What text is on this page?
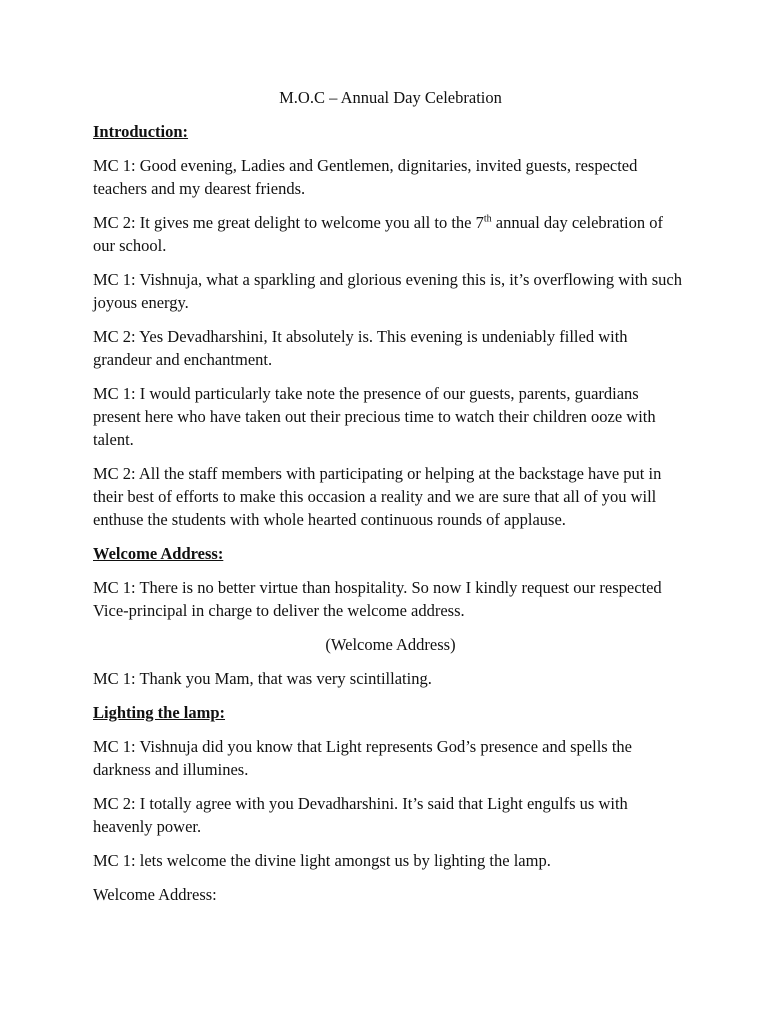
M.O.C – Annual Day Celebration
Introduction:

MC 1: Good evening, Ladies and Gentlemen, dignitaries, invited guests, respected teachers and my dearest friends.

MC 2: It gives me great delight to welcome you all to the 7th annual day celebration of our school.

MC 1: Vishnuja, what a sparkling and glorious evening this is, it’s overflowing with such joyous energy.

MC 2: Yes Devadharshini, It absolutely is. This evening is undeniably filled with grandeur and enchantment.

MC 1: I would particularly take note the presence of our guests, parents, guardians present here who have taken out their precious time to watch their children ooze with talent.

MC 2: All the staff members with participating or helping at the backstage have put in their best of efforts to make this occasion a reality and we are sure that all of you will enthuse the students with whole hearted continuous rounds of applause.

Welcome Address:

MC 1: There is no better virtue than hospitality. So now I kindly request our respected Vice-principal in charge to deliver the welcome address.

(Welcome Address)

MC 1: Thank you Mam, that was very scintillating.

Lighting the lamp:

MC 1: Vishnuja did you know that Light represents God’s presence and spells the darkness and illumines.

MC 2: I totally agree with you Devadharshini. It’s said that Light engulfs us with heavenly power.

MC 1: lets welcome the divine light amongst us by lighting the lamp.

Welcome Address:
